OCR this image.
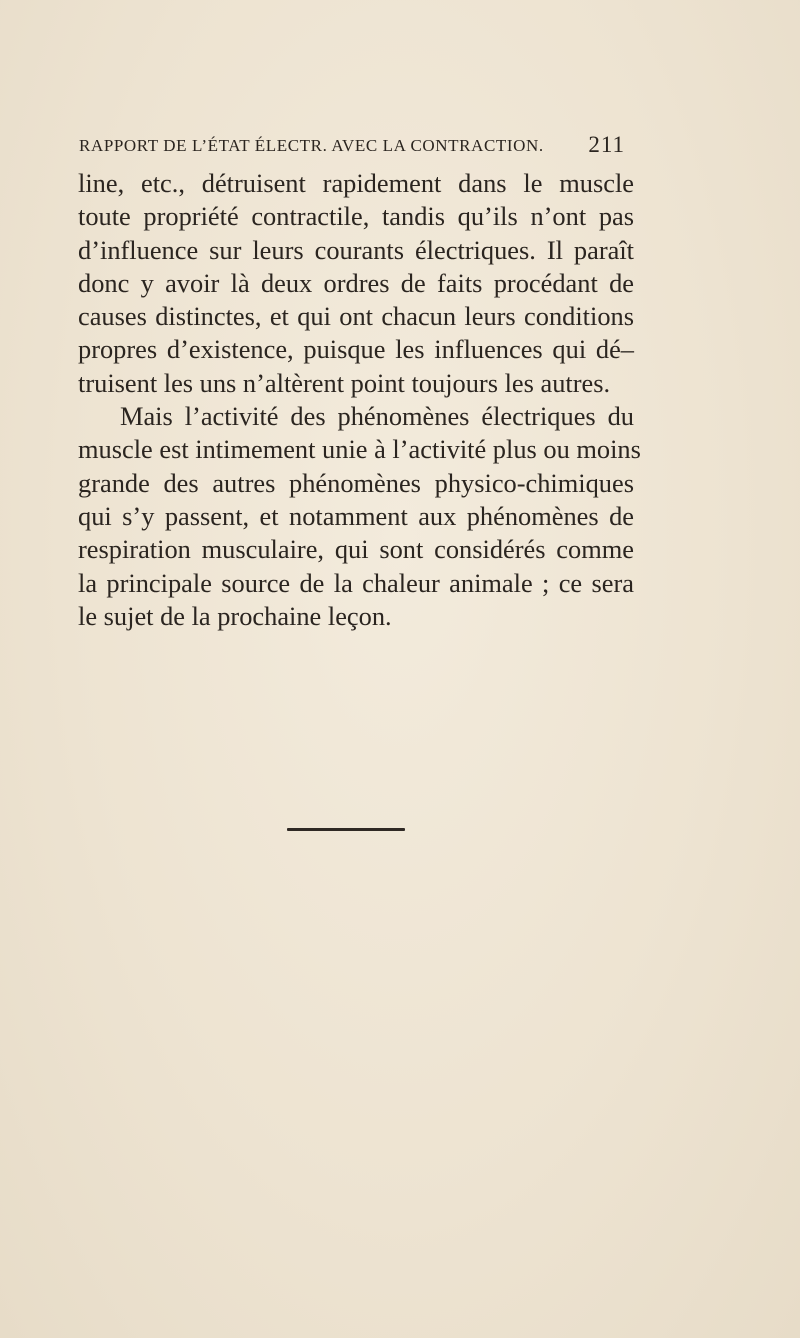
RAPPORT DE L’ÉTAT ÉLECTR. AVEC LA CONTRACTION. 211
line, etc., détruisent rapidement dans le muscle
toute propriété contractile, tandis qu’ils n’ont pas
d’influence sur leurs courants électriques. Il paraît
donc y avoir là deux ordres de faits procédant de
causes distinctes, et qui ont chacun leurs conditions
propres d’existence, puisque les influences qui dé–
truisent les uns n’altèrent point toujours les autres.
Mais l’activité des phénomènes électriques du
muscle est intimement unie à l’activité plus ou moins
grande des autres phénomènes physico-chimiques
qui s’y passent, et notamment aux phénomènes de
respiration musculaire, qui sont considérés comme
la principale source de la chaleur animale ; ce sera
le sujet de la prochaine leçon.
